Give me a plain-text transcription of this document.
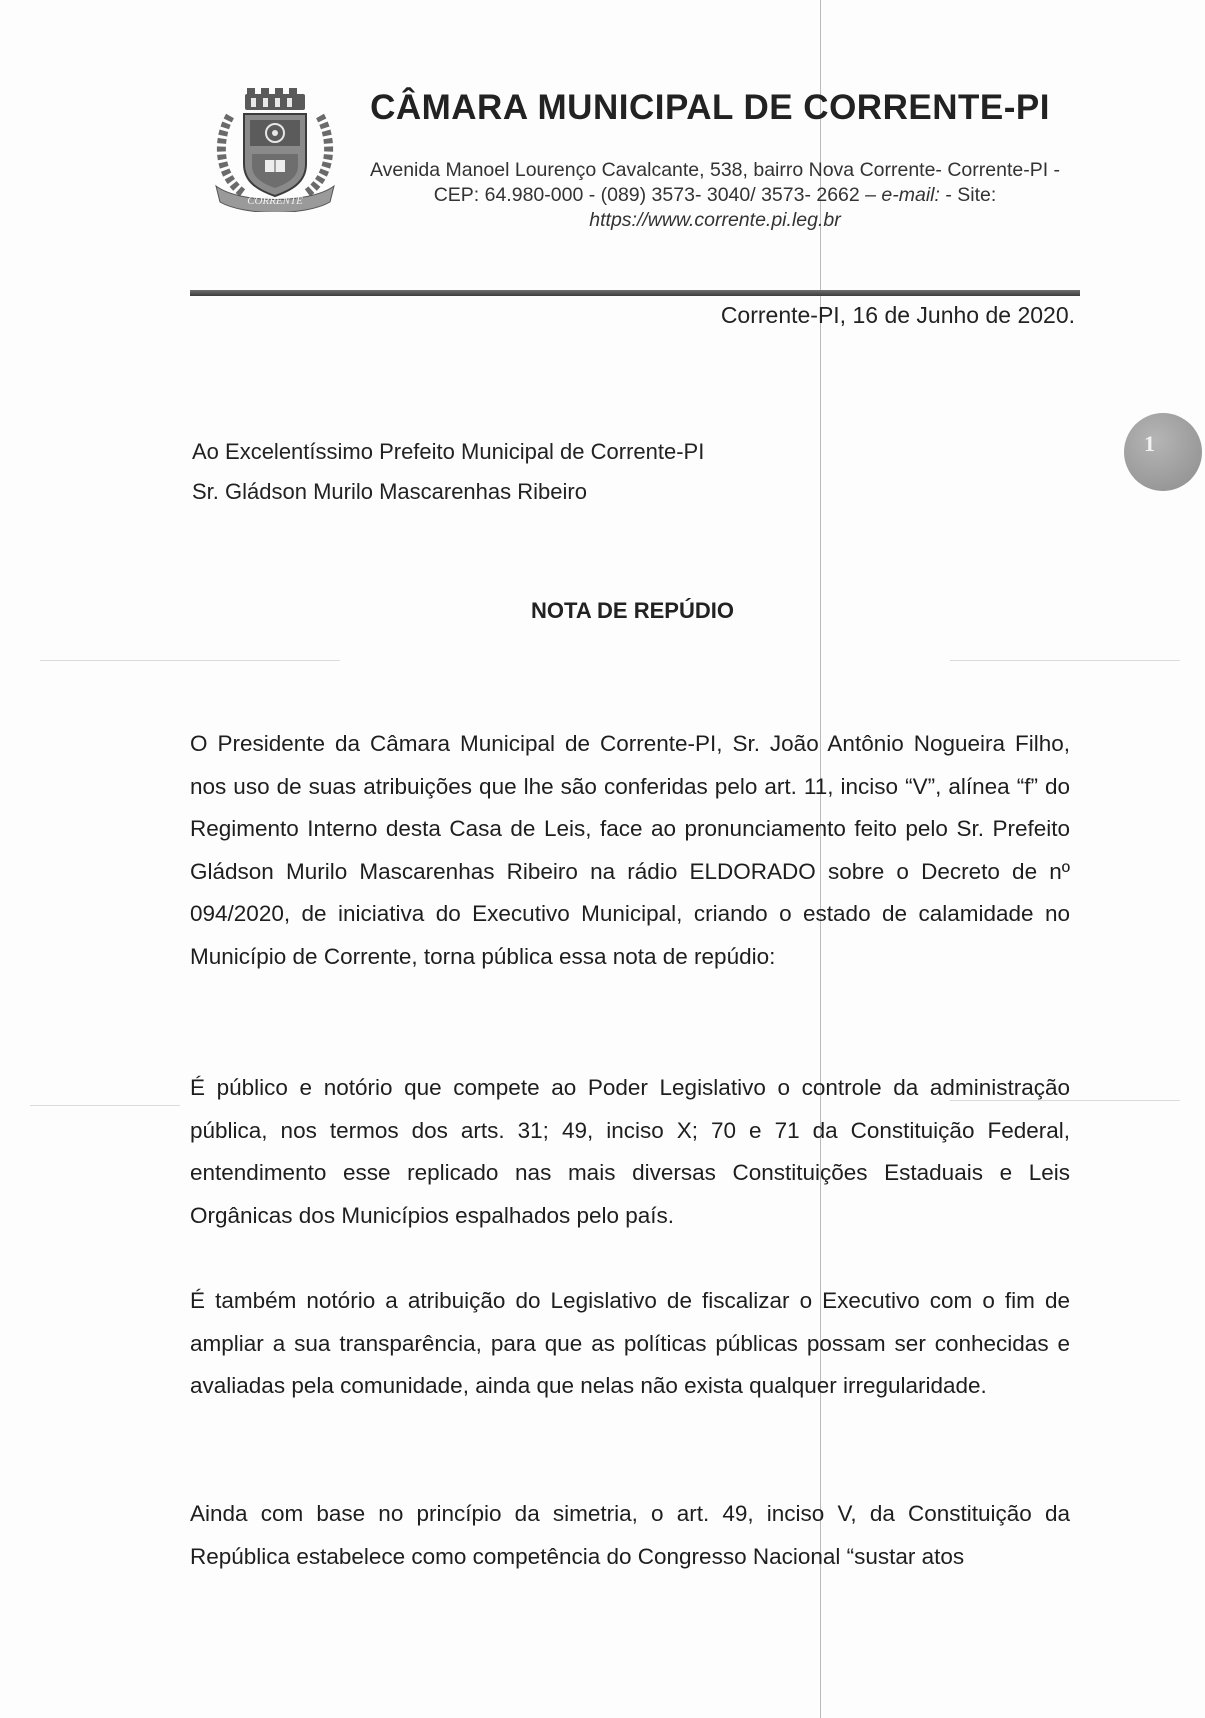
CORRENTE
CÂMARA MUNICIPAL DE CORRENTE-PI
Avenida Manoel Lourenço Cavalcante, 538, bairro Nova Corrente- Corrente-PI -
CEP: 64.980-000 - (089) 3573- 3040/ 3573- 2662 – e-mail: - Site:
https://www.corrente.pi.leg.br
Corrente-PI, 16 de Junho de 2020.
Ao Excelentíssimo Prefeito Municipal de Corrente-PI
Sr. Gládson Murilo Mascarenhas Ribeiro
1
NOTA DE REPÚDIO
O Presidente da Câmara Municipal de Corrente-PI, Sr. João Antônio Nogueira Filho, nos uso de suas atribuições que lhe são conferidas pelo art. 11, inciso “V”, alínea “f” do Regimento Interno desta Casa de Leis, face ao pronunciamento feito pelo Sr. Prefeito Gládson Murilo Mascarenhas Ribeiro na rádio ELDORADO sobre o Decreto de nº 094/2020, de iniciativa do Executivo Municipal, criando o estado de calamidade no Município de Corrente, torna pública essa nota de repúdio:
É público e notório que compete ao Poder Legislativo o controle da administração pública, nos termos dos arts. 31; 49, inciso X; 70 e 71 da Constituição Federal, entendimento esse replicado nas mais diversas Constituições Estaduais e Leis Orgânicas dos Municípios espalhados pelo país.
É também notório a atribuição do Legislativo de fiscalizar o Executivo com o fim de ampliar a sua transparência, para que as políticas públicas possam ser conhecidas e avaliadas pela comunidade, ainda que nelas não exista qualquer irregularidade.
Ainda com base no princípio da simetria, o art. 49, inciso V, da Constituição da República estabelece como competência do Congresso Nacional “sustar atos
